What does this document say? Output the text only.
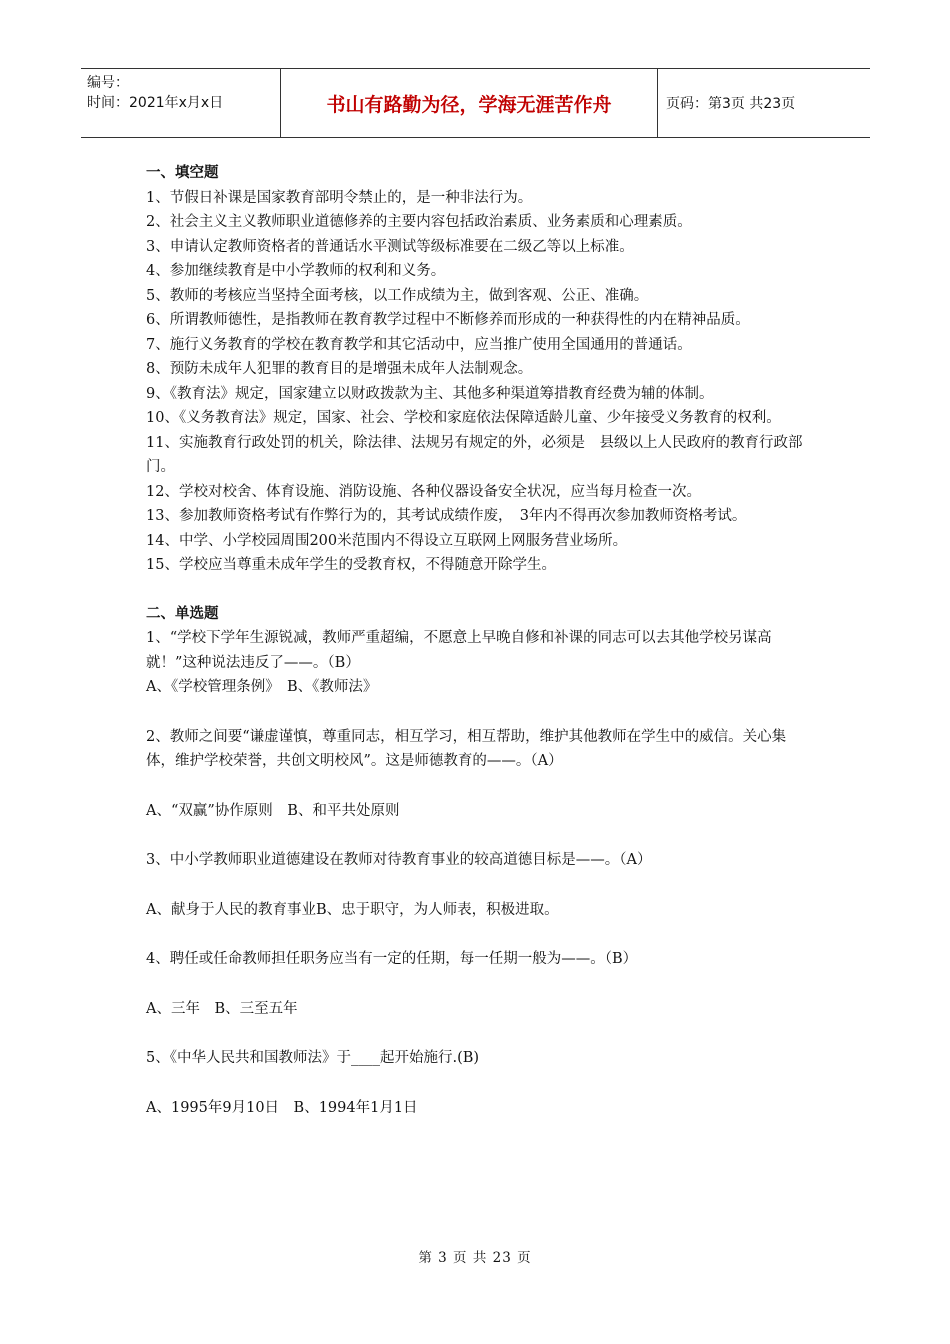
编号：
时间：2021年x月x日	书山有路勤为径，学海无涯苦作舟	页码：第3页 共23页

一、填空题

1、节假日补课是国家教育部明令禁止的，是一种非法行为。

2、社会主义主义教师职业道德修养的主要内容包括政治素质、业务素质和心理素质。

3、申请认定教师资格者的普通话水平测试等级标准要在二级乙等以上标准。

4、参加继续教育是中小学教师的权利和义务。

5、教师的考核应当坚持全面考核，以工作成绩为主，做到客观、公正、准确。

6、所谓教师德性，是指教师在教育教学过程中不断修养而形成的一种获得性的内在精神品质。

7、施行义务教育的学校在教育教学和其它活动中，应当推广使用全国通用的普通话。

8、预防未成年人犯罪的教育目的是增强未成年人法制观念。

9、《教育法》规定，国家建立以财政拨款为主、其他多种渠道筹措教育经费为辅的体制。

10、《义务教育法》规定，国家、社会、学校和家庭依法保障适龄儿童、少年接受义务教育的权利。

11、实施教育行政处罚的机关，除法律、法规另有规定的外，必须是　县级以上人民政府的教育行政部门。

12、学校对校舍、体育设施、消防设施、各种仪器设备安全状况，应当每月检查一次。

13、参加教师资格考试有作弊行为的，其考试成绩作废，　3年内不得再次参加教师资格考试。

14、中学、小学校园周围200米范围内不得设立互联网上网服务营业场所。

15、学校应当尊重未成年学生的受教育权，不得随意开除学生。

二、单选题

1、“学校下学年生源锐减，教师严重超编，不愿意上早晚自修和补课的同志可以去其他学校另谋高就！”这种说法违反了——。（B）

A、《学校管理条例》　B、《教师法》

2、教师之间要“谦虚谨慎，尊重同志，相互学习，相互帮助，维护其他教师在学生中的威信。关心集体，维护学校荣誉，共创文明校风”。这是师德教育的——。（A）

A、“双赢”协作原则　B、和平共处原则

3、中小学教师职业道德建设在教师对待教育事业的较高道德目标是——。（A）

A、献身于人民的教育事业B、忠于职守，为人师表，积极进取。

4、聘任或任命教师担任职务应当有一定的任期，每一任期一般为——。（B）

A、三年　B、三至五年

5、《中华人民共和国教师法》于____起开始施行.(B)

A、1995年9月10日　B、1994年1月1日

第 3 页 共 23 页
